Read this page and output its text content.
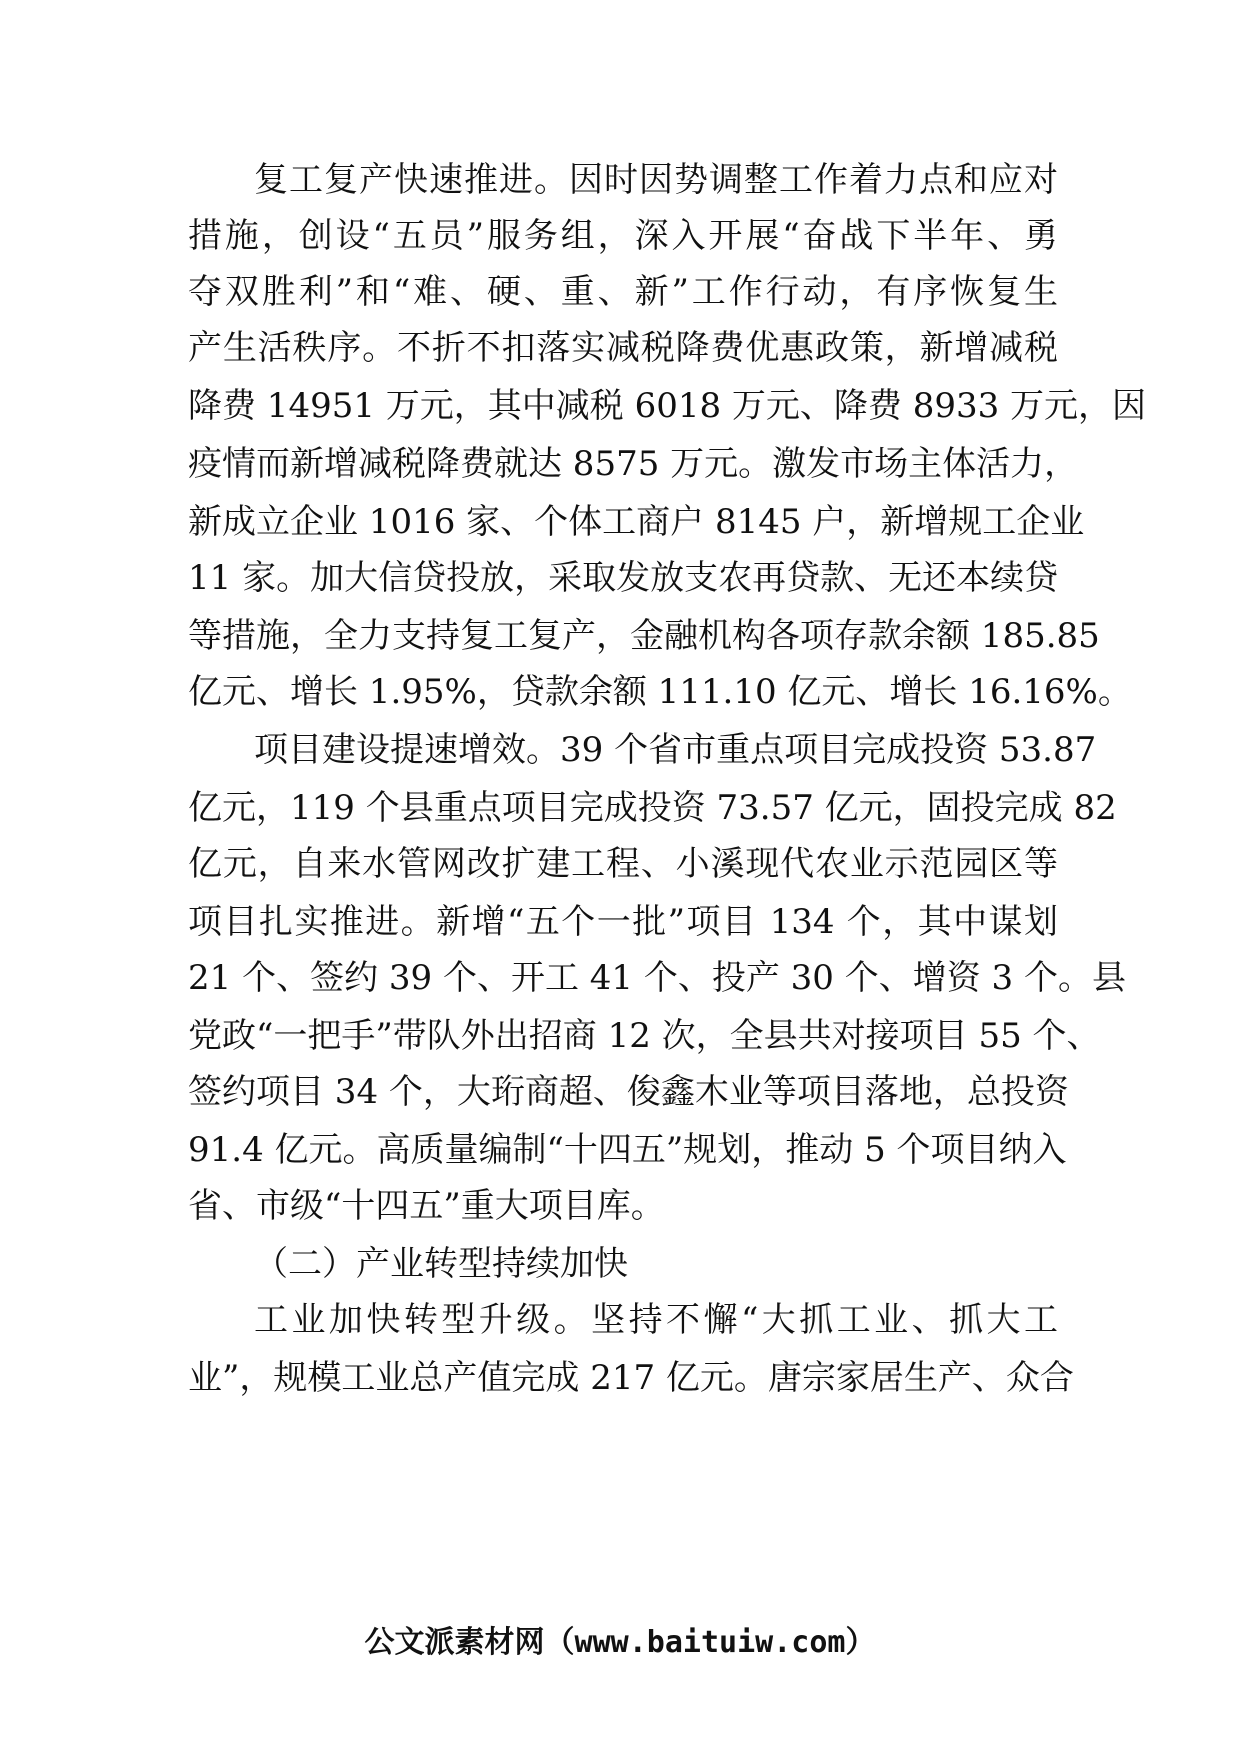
复工复产快速推进。因时因势调整工作着力点和应对
措施，创设“五员”服务组，深入开展“奋战下半年、勇
夺双胜利”和“难、硬、重、新”工作行动，有序恢复生
产生活秩序。不折不扣落实减税降费优惠政策，新增减税
降费 14951 万元，其中减税 6018 万元、降费 8933 万元，因
疫情而新增减税降费就达 8575 万元。激发市场主体活力，
新成立企业 1016 家、个体工商户 8145 户，新增规工企业
11 家。加大信贷投放，采取发放支农再贷款、无还本续贷
等措施，全力支持复工复产，金融机构各项存款余额 185.85
亿元、增长 1.95%，贷款余额 111.10 亿元、增长 16.16%。
项目建设提速增效。39 个省市重点项目完成投资 53.87
亿元，119 个县重点项目完成投资 73.57 亿元，固投完成 82
亿元，自来水管网改扩建工程、小溪现代农业示范园区等
项目扎实推进。新增“五个一批”项目 134 个，其中谋划
21 个、签约 39 个、开工 41 个、投产 30 个、增资 3 个。县
党政“一把手”带队外出招商 12 次，全县共对接项目 55 个、
签约项目 34 个，大珩商超、俊鑫木业等项目落地，总投资
91.4 亿元。高质量编制“十四五”规划，推动 5 个项目纳入
省、市级“十四五”重大项目库。
（二）产业转型持续加快
工业加快转型升级。坚持不懈“大抓工业、抓大工
业”，规模工业总产值完成 217 亿元。唐宗家居生产、众合
公文派素材网（www.baituiw.com）
